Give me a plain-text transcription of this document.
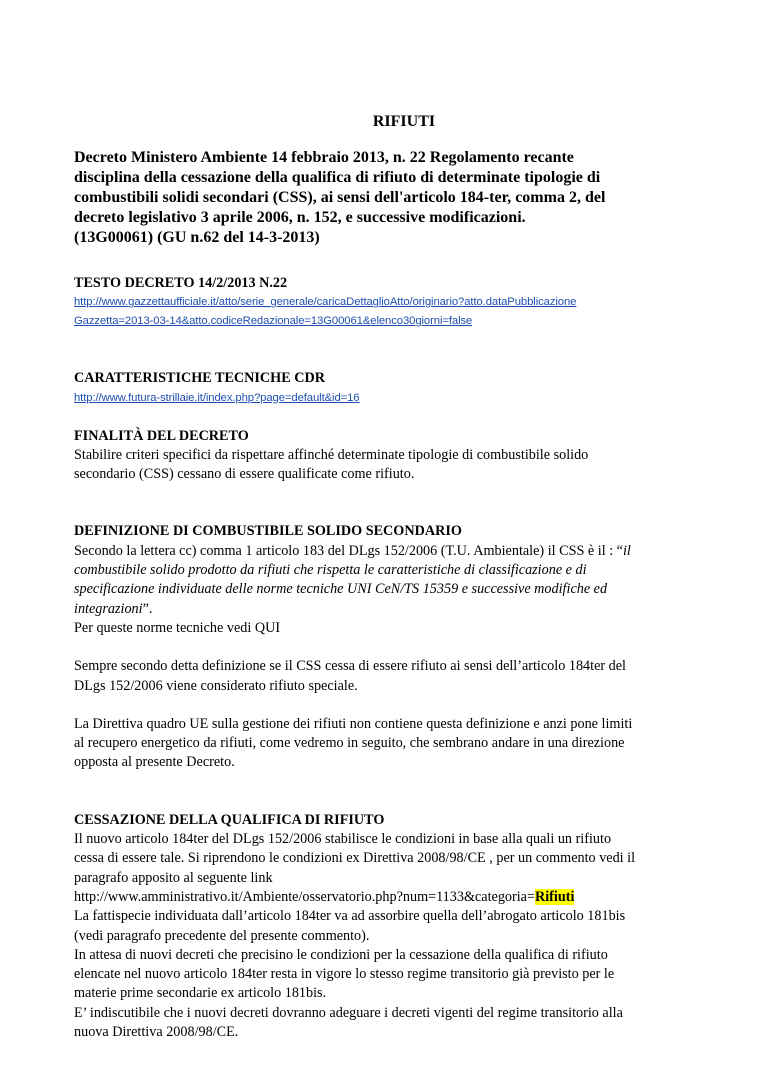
RIFIUTI
Decreto Ministero Ambiente 14 febbraio 2013, n. 22 Regolamento recante
disciplina della cessazione della qualifica di rifiuto di determinate tipologie di
combustibili solidi secondari (CSS), ai sensi dell'articolo 184-ter, comma 2, del
decreto legislativo 3 aprile 2006, n. 152, e successive modificazioni.
(13G00061) (GU n.62 del 14-3-2013)
TESTO DECRETO 14/2/2013 N.22
http://www.gazzettaufficiale.it/atto/serie_generale/caricaDettaglioAtto/originario?atto.dataPubblicazione
Gazzetta=2013-03-14&atto.codiceRedazionale=13G00061&elenco30giorni=false
CARATTERISTICHE TECNICHE CDR
http://www.futura-strillaie.it/index.php?page=default&id=16
FINALITÀ DEL DECRETO

Stabilire criteri specifici da rispettare affinché determinate tipologie di combustibile solido
secondario (CSS) cessano di essere qualificate come rifiuto.

DEFINIZIONE DI COMBUSTIBILE SOLIDO SECONDARIO

Secondo la lettera cc) comma 1 articolo 183 del DLgs 152/2006 (T.U. Ambientale) il CSS è il : “il
combustibile solido prodotto da rifiuti che rispetta le caratteristiche di classificazione e di
specificazione individuate delle norme tecniche UNI CeN/TS 15359 e successive modifiche ed
integrazioni”.
Per queste norme tecniche vedi QUI

Sempre secondo detta definizione se il CSS cessa di essere rifiuto ai sensi dell’articolo 184ter del
DLgs 152/2006 viene considerato rifiuto speciale.

La Direttiva quadro UE sulla gestione dei rifiuti non contiene questa definizione e anzi pone limiti
al recupero energetico da rifiuti, come vedremo in seguito, che sembrano andare in una direzione
opposta al presente Decreto.

CESSAZIONE DELLA QUALIFICA DI RIFIUTO

Il nuovo articolo 184ter del DLgs 152/2006 stabilisce le condizioni in base alla quali un rifiuto
cessa di essere tale. Si riprendono le condizioni ex Direttiva 2008/98/CE , per un commento vedi il
paragrafo apposito al seguente link
http://www.amministrativo.it/Ambiente/osservatorio.php?num=1133&categoria=Rifiuti
La fattispecie individuata dall’articolo 184ter va ad assorbire quella dell’abrogato articolo 181bis
(vedi paragrafo precedente del presente commento).
In attesa di nuovi decreti che precisino le condizioni per la cessazione della qualifica di rifiuto
elencate nel nuovo articolo 184ter resta in vigore lo stesso regime transitorio già previsto per le
materie prime secondarie ex articolo 181bis.
E’ indiscutibile che i nuovi decreti dovranno adeguare i decreti vigenti del regime transitorio alla
nuova Direttiva 2008/98/CE.
